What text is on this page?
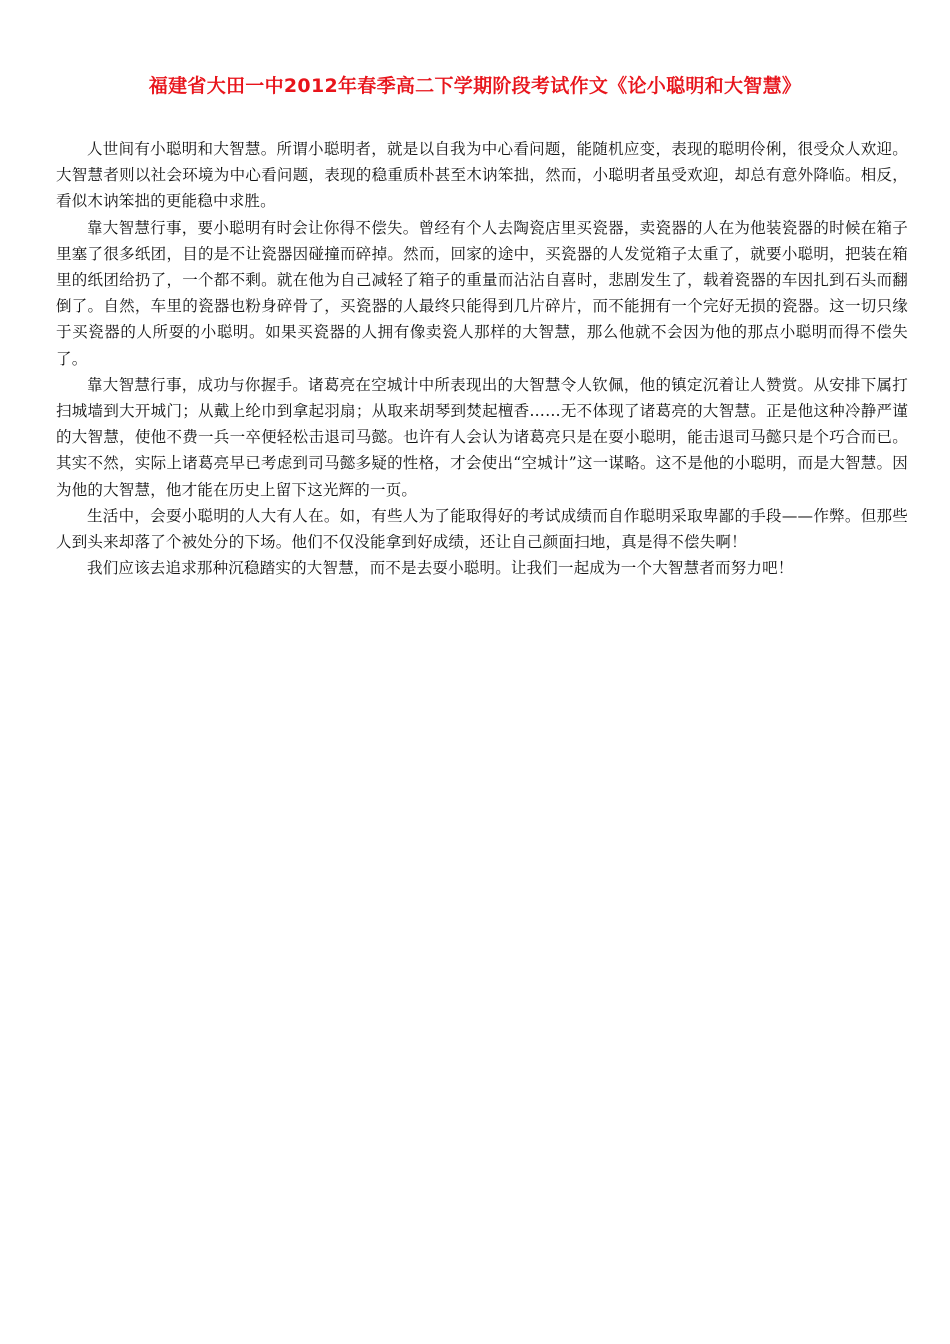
福建省大田一中2012年春季高二下学期阶段考试作文《论小聪明和大智慧》

人世间有小聪明和大智慧。所谓小聪明者，就是以自我为中心看问题，能随机应变，表现的聪明伶俐，很受众人欢迎。大智慧者则以社会环境为中心看问题，表现的稳重质朴甚至木讷笨拙，然而，小聪明者虽受欢迎，却总有意外降临。相反，看似木讷笨拙的更能稳中求胜。

靠大智慧行事，要小聪明有时会让你得不偿失。曾经有个人去陶瓷店里买瓷器，卖瓷器的人在为他装瓷器的时候在箱子里塞了很多纸团，目的是不让瓷器因碰撞而碎掉。然而，回家的途中，买瓷器的人发觉箱子太重了，就要小聪明，把装在箱里的纸团给扔了，一个都不剩。就在他为自己减轻了箱子的重量而沾沾自喜时，悲剧发生了，载着瓷器的车因扎到石头而翻倒了。自然，车里的瓷器也粉身碎骨了，买瓷器的人最终只能得到几片碎片，而不能拥有一个完好无损的瓷器。这一切只缘于买瓷器的人所耍的小聪明。如果买瓷器的人拥有像卖瓷人那样的大智慧，那么他就不会因为他的那点小聪明而得不偿失了。

靠大智慧行事，成功与你握手。诸葛亮在空城计中所表现出的大智慧令人钦佩，他的镇定沉着让人赞赏。从安排下属打扫城墙到大开城门；从戴上纶巾到拿起羽扇；从取来胡琴到焚起檀香……无不体现了诸葛亮的大智慧。正是他这种冷静严谨的大智慧，使他不费一兵一卒便轻松击退司马懿。也许有人会认为诸葛亮只是在耍小聪明，能击退司马懿只是个巧合而已。其实不然，实际上诸葛亮早已考虑到司马懿多疑的性格，才会使出“空城计”这一谋略。这不是他的小聪明，而是大智慧。因为他的大智慧，他才能在历史上留下这光辉的一页。

生活中，会耍小聪明的人大有人在。如，有些人为了能取得好的考试成绩而自作聪明采取卑鄙的手段——作弊。但那些人到头来却落了个被处分的下场。他们不仅没能拿到好成绩，还让自己颜面扫地，真是得不偿失啊！

我们应该去追求那种沉稳踏实的大智慧，而不是去耍小聪明。让我们一起成为一个大智慧者而努力吧！
